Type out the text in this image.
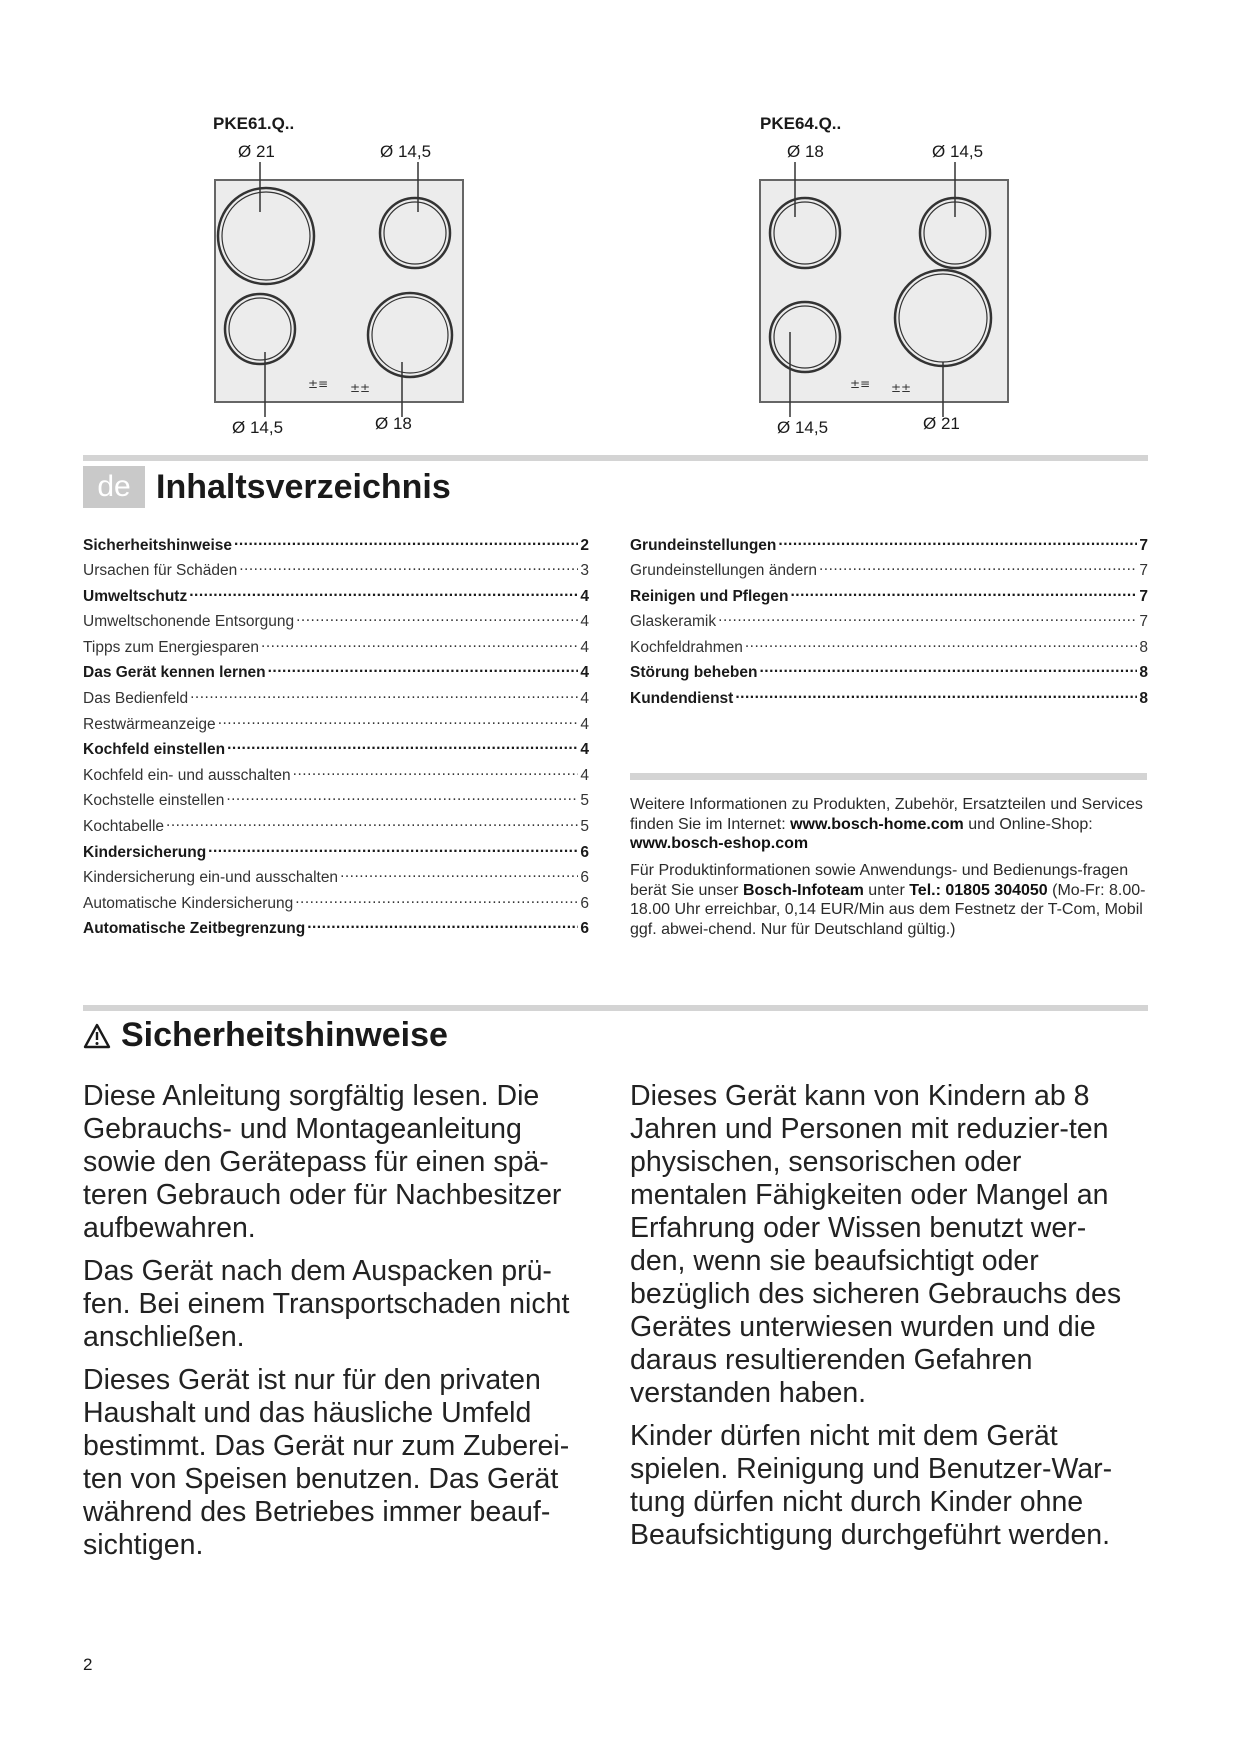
±≡ ±±
PKE61.Q..
Ø 21	Ø 14,5
Ø 14,5	Ø 18
±≡ ±±
PKE64.Q..
Ø 18	Ø 14,5
Ø 14,5	Ø 21
de Inhaltsverzeichnis
Sicherheitshinweise .....	2
Ursachen für Schäden .....	3
Umweltschutz .....	4
Umweltschonende Entsorgung .....	4
Tipps zum Energiesparen .....	4
Das Gerät kennen lernen .....	4
Das Bedienfeld .....	4
Restwärmeanzeige .....	4
Kochfeld einstellen .....	4
Kochfeld ein- und ausschalten .....	4
Kochstelle einstellen .....	5
Kochtabelle .....	5
Kindersicherung .....	6
Kindersicherung ein-und ausschalten .....	6
Automatische Kindersicherung .....	6
Automatische Zeitbegrenzung .....	6
Grundeinstellungen .....	7
Grundeinstellungen ändern .....	7
Reinigen und Pflegen .....	7
Glaskeramik .....	7
Kochfeldrahmen .....	8
Störung beheben .....	8
Kundendienst .....	8
Weitere Informationen zu Produkten, Zubehör, Ersatzteilen und Services finden Sie im Internet: www.bosch-home.com und Online-Shop: www.bosch-eshop.com
Für Produktinformationen sowie Anwendungs- und Bedienungs-fragen berät Sie unser Bosch-Infoteam unter Tel.: 01805 304050 (Mo-Fr: 8.00-18.00 Uhr erreichbar, 0,14 EUR/Min aus dem Festnetz der T-Com, Mobil ggf. abwei-chend. Nur für Deutschland gültig.)
Sicherheitshinweise

Diese Anleitung sorgfältig lesen. Die Gebrauchs- und Montageanleitung sowie den Gerätepass für einen spä-teren Gebrauch oder für Nachbesitzer aufbewahren.

Das Gerät nach dem Auspacken prü-fen. Bei einem Transportschaden nicht anschließen.

Dieses Gerät ist nur für den privaten Haushalt und das häusliche Umfeld bestimmt. Das Gerät nur zum Zuberei-ten von Speisen benutzen. Das Gerät während des Betriebes immer beauf-sichtigen.

Dieses Gerät kann von Kindern ab 8 Jahren und Personen mit reduzier-ten physischen, sensorischen oder mentalen Fähigkeiten oder Mangel an Erfahrung oder Wissen benutzt wer-den, wenn sie beaufsichtigt oder bezüglich des sicheren Gebrauchs des Gerätes unterwiesen wurden und die daraus resultierenden Gefahren verstanden haben.

Kinder dürfen nicht mit dem Gerät spielen. Reinigung und Benutzer-War-tung dürfen nicht durch Kinder ohne Beaufsichtigung durchgeführt werden.

2
